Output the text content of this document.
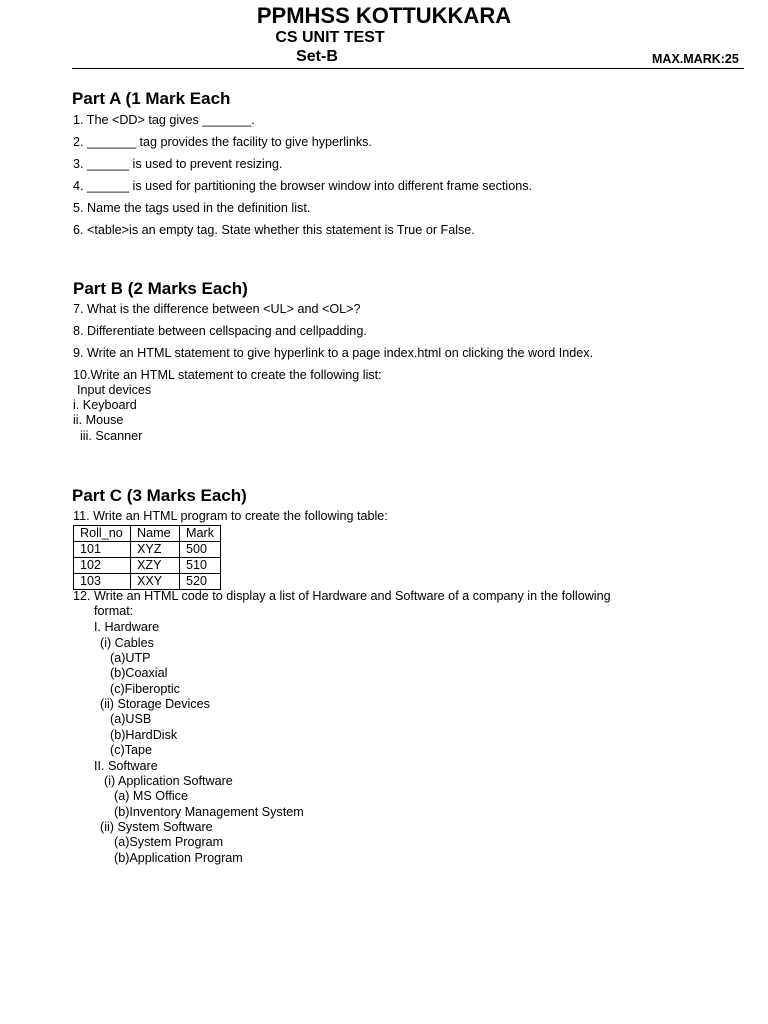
PPMHSS KOTTUKKARA
CS UNIT TEST
Set-B	MAX.MARK:25
Part A (1 Mark Each
1. The <DD> tag gives _______.
2. _______ tag provides the facility to give hyperlinks.
3. ______ is used to prevent resizing.
4. ______ is used for partitioning the browser window into different frame sections.
5. Name the tags used in the definition list.
6. <table>is an empty tag. State whether this statement is True or False.
Part B (2 Marks Each)
7. What is the difference between <UL> and <OL>?
8. Differentiate between cellspacing and cellpadding.
9. Write an HTML statement to give hyperlink to a page index.html on clicking the word Index.
10.Write an HTML statement to create the following list:
Input devices
i. Keyboard
ii. Mouse
iii. Scanner
Part C (3 Marks Each)
11. Write an HTML program to create the following table:
Roll_no	Name	Mark
101	XYZ	500
102	XZY	510
103	XXY	520
12. Write an HTML code to display a list of Hardware and Software of a company in the following
format:
I. Hardware
(i) Cables
(a)UTP
(b)Coaxial
(c)Fiberoptic
(ii) Storage Devices
(a)USB
(b)HardDisk
(c)Tape
II. Software
(i) Application Software
(a) MS Office
(b)Inventory Management System
(ii) System Software
(a)System Program
(b)Application Program
